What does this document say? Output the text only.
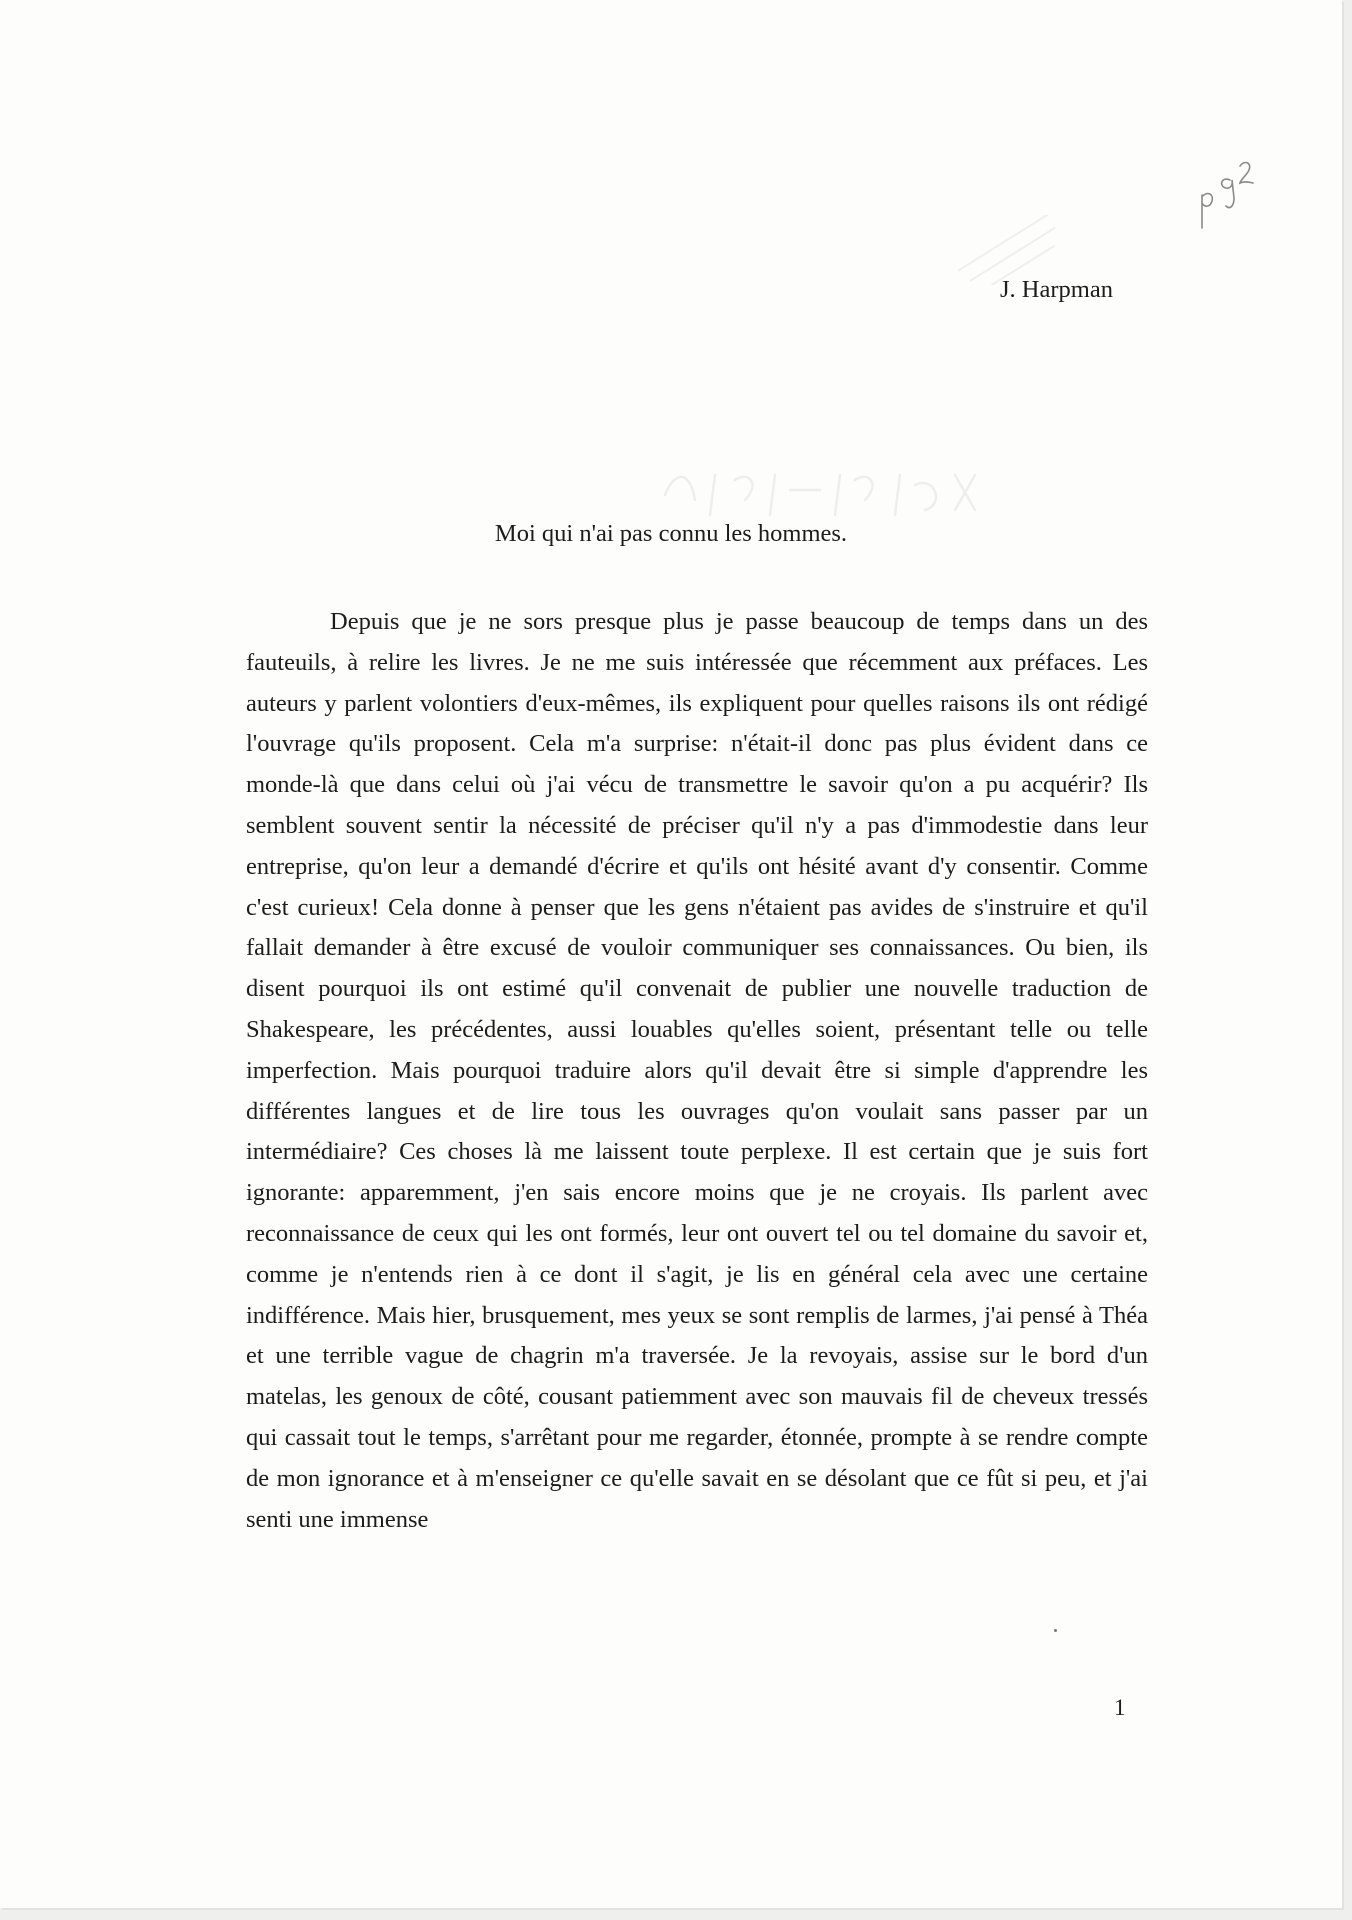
J. Harpman
Moi qui n'ai pas connu les hommes.

Depuis que je ne sors presque plus je passe beaucoup de temps dans un des fauteuils, à relire les livres. Je ne me suis intéressée que récemment aux préfaces. Les auteurs y parlent volontiers d'eux-mêmes, ils expliquent pour quelles raisons ils ont rédigé l'ouvrage qu'ils proposent. Cela m'a surprise: n'était-il donc pas plus évident dans ce monde-là que dans celui où j'ai vécu de transmettre le savoir qu'on a pu acquérir? Ils semblent souvent sentir la nécessité de préciser qu'il n'y a pas d'immodestie dans leur entreprise, qu'on leur a demandé d'écrire et qu'ils ont hésité avant d'y consentir. Comme c'est curieux! Cela donne à penser que les gens n'étaient pas avides de s'instruire et qu'il fallait demander à être excusé de vouloir communiquer ses connaissances. Ou bien, ils disent pourquoi ils ont estimé qu'il convenait de publier une nouvelle traduction de Shakespeare, les précédentes, aussi louables qu'elles soient, présentant telle ou telle imperfection. Mais pourquoi traduire alors qu'il devait être si simple d'apprendre les différentes langues et de lire tous les ouvrages qu'on voulait sans passer par un intermédiaire? Ces choses là me laissent toute perplexe. Il est certain que je suis fort ignorante: apparemment, j'en sais encore moins que je ne croyais. Ils parlent avec reconnaissance de ceux qui les ont formés, leur ont ouvert tel ou tel domaine du savoir et, comme je n'entends rien à ce dont il s'agit, je lis en général cela avec une certaine indifférence. Mais hier, brusquement, mes yeux se sont remplis de larmes, j'ai pensé à Théa et une terrible vague de chagrin m'a traversée. Je la revoyais, assise sur le bord d'un matelas, les genoux de côté, cousant patiemment avec son mauvais fil de cheveux tressés qui cassait tout le temps, s'arrêtant pour me regarder, étonnée, prompte à se rendre compte de mon ignorance et à m'enseigner ce qu'elle savait en se désolant que ce fût si peu, et j'ai senti une immense

1
